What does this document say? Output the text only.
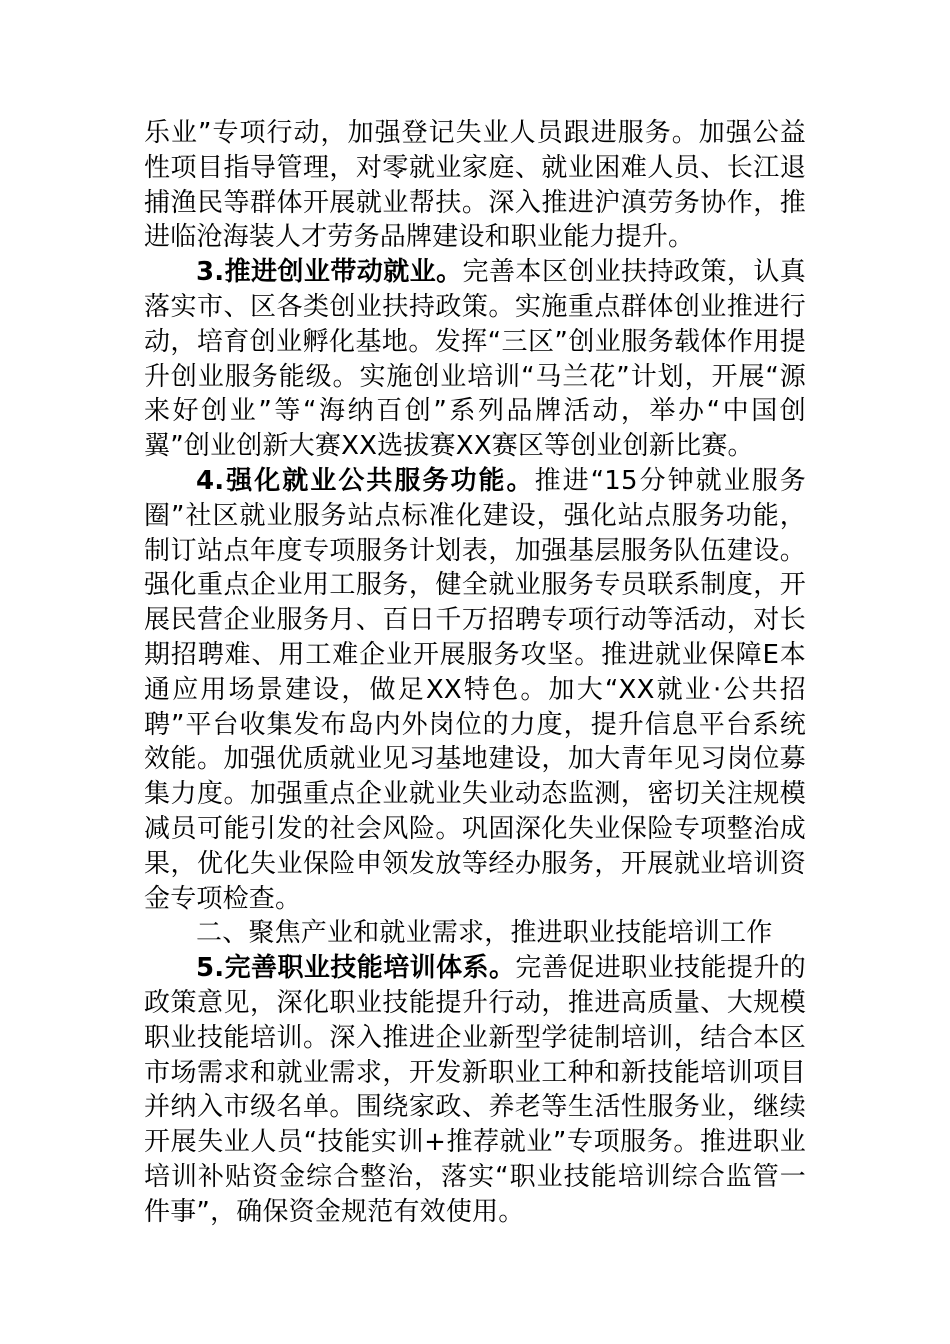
乐业”专项行动，加强登记失业人员跟进服务。加强公益性项目指导管理，对零就业家庭、就业困难人员、长江退捕渔民等群体开展就业帮扶。深入推进沪滇劳务协作，推进临沧海装人才劳务品牌建设和职业能力提升。

3.推进创业带动就业。完善本区创业扶持政策，认真落实市、区各类创业扶持政策。实施重点群体创业推进行动，培育创业孵化基地。发挥“三区”创业服务载体作用提升创业服务能级。实施创业培训“马兰花”计划，开展“源来好创业”等“海纳百创”系列品牌活动，举办“中国创翼”创业创新大赛XX选拔赛XX赛区等创业创新比赛。

4.强化就业公共服务功能。推进“15分钟就业服务圈”社区就业服务站点标准化建设，强化站点服务功能，制订站点年度专项服务计划表，加强基层服务队伍建设。强化重点企业用工服务，健全就业服务专员联系制度，开展民营企业服务月、百日千万招聘专项行动等活动，对长期招聘难、用工难企业开展服务攻坚。推进就业保障E本通应用场景建设，做足XX特色。加大“XX就业·公共招聘”平台收集发布岛内外岗位的力度，提升信息平台系统效能。加强优质就业见习基地建设，加大青年见习岗位募集力度。加强重点企业就业失业动态监测，密切关注规模减员可能引发的社会风险。巩固深化失业保险专项整治成果，优化失业保险申领发放等经办服务，开展就业培训资金专项检查。

二、聚焦产业和就业需求，推进职业技能培训工作

5.完善职业技能培训体系。完善促进职业技能提升的政策意见，深化职业技能提升行动，推进高质量、大规模职业技能培训。深入推进企业新型学徒制培训，结合本区市场需求和就业需求，开发新职业工种和新技能培训项目并纳入市级名单。围绕家政、养老等生活性服务业，继续开展失业人员“技能实训+推荐就业”专项服务。推进职业培训补贴资金综合整治，落实“职业技能培训综合监管一件事”，确保资金规范有效使用。
